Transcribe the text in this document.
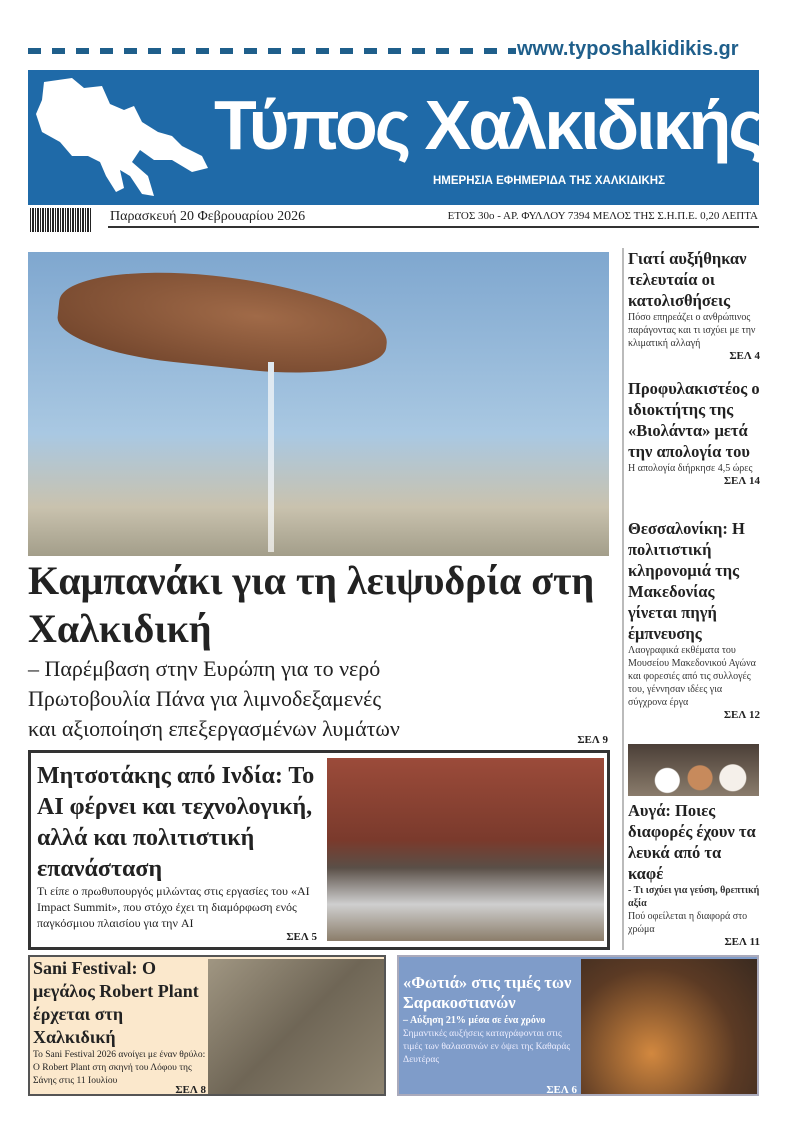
www.typoshalkidikis.gr
Τύπος Χαλκιδικής
ΗΜΕΡΗΣΙΑ ΕΦΗΜΕΡΙΔΑ ΤΗΣ ΧΑΛΚΙΔΙΚΗΣ
Παρασκευή 20 Φεβρουαρίου 2026	ΕΤΟΣ 30ο - ΑΡ. ΦΥΛΛΟΥ 7394 ΜΕΛΟΣ ΤΗΣ Σ.Η.Π.Ε. 0,20 ΛΕΠΤΑ
Καμπανάκι για τη λειψυδρία στη Χαλκιδική
– Παρέμβαση στην Ευρώπη για το νερό
Πρωτοβουλία Πάνα για λιμνοδεξαμενές
και αξιοποίηση επεξεργασμένων λυμάτων	ΣΕΛ 9
Γιατί αυξήθηκαν τελευταία οι κατολισθήσεις
Πόσο επηρεάζει ο ανθρώπινος παράγοντας και τι ισχύει με την κλιματική αλλαγή
ΣΕΛ 4
Προφυλακιστέος ο ιδιοκτήτης της «Βιολάντα» μετά την απολογία του
Η απολογία διήρκησε 4,5 ώρες
ΣΕΛ 14
Θεσσαλονίκη: Η πολιτιστική κληρονομιά της Μακεδονίας γίνεται πηγή έμπνευσης
Λαογραφικά εκθέματα του Μουσείου Μακεδονικού Αγώνα και φορεσιές από τις συλλογές του, γέννησαν ιδέες για σύγχρονα έργα
ΣΕΛ 12
Αυγά: Ποιες διαφορές έχουν τα λευκά από τα καφέ
- Τι ισχύει για γεύση, θρεπτική αξία
Πού οφείλεται η διαφορά στο χρώμα
ΣΕΛ 11
Μητσοτάκης από Ινδία: Το AI φέρνει και τεχνολογική, αλλά και πολιτιστική επανάσταση
Τι είπε ο πρωθυπουργός μιλώντας στις εργασίες του «AI Impact Summit», που στόχο έχει τη διαμόρφωση ενός παγκόσμιου πλαισίου για την AI
ΣΕΛ 5
Sani Festival: Ο μεγάλος Robert Plant έρχεται στη Χαλκιδική
Το Sani Festival 2026 ανοίγει με έναν θρύλο: Ο Robert Plant στη σκηνή του Λόφου της Σάνης στις 11 Ιουλίου
ΣΕΛ 8
«Φωτιά» στις τιμές των Σαρακοστιανών
– Αύξηση 21% μέσα σε ένα χρόνο
Σημαντικές αυξήσεις καταγράφονται στις τιμές των θαλασσινών εν όψει της Καθαράς Δευτέρας
ΣΕΛ 6
